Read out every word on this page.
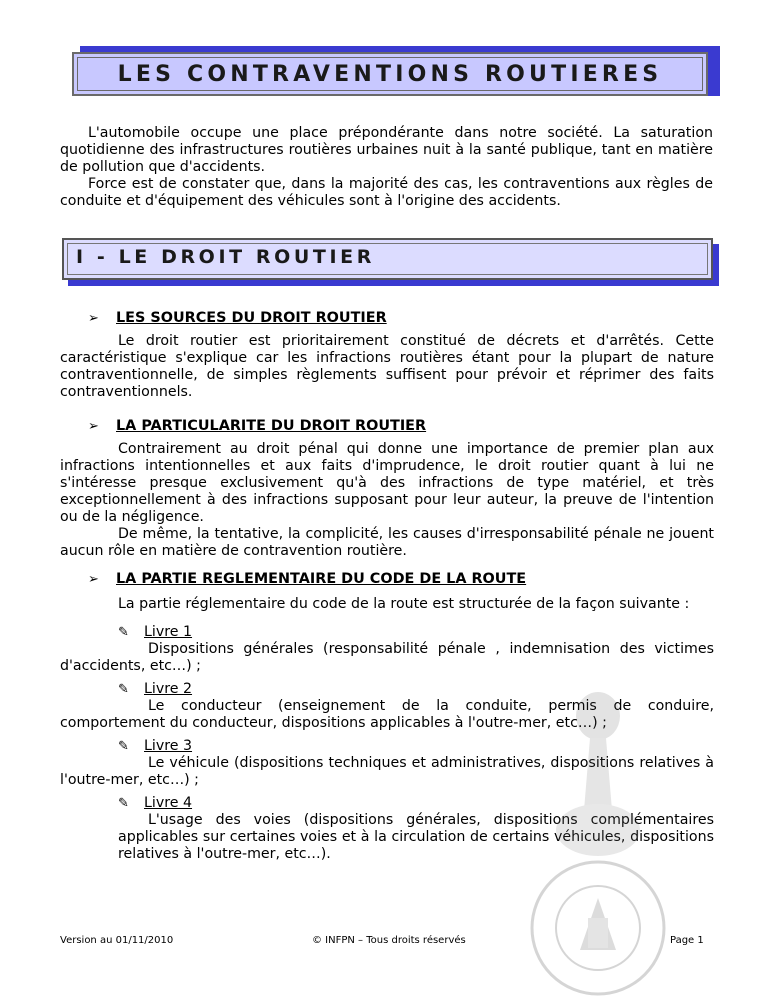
LES CONTRAVENTIONS ROUTIERES

L'automobile occupe une place prépondérante dans notre société. La saturation quotidienne des infrastructures routières urbaines nuit à la santé publique, tant en matière de pollution que d'accidents.

Force est de constater que, dans la majorité des cas, les contraventions aux règles de conduite et d'équipement des véhicules sont à l'origine des accidents.

I - LE DROIT ROUTIER
➢	LES SOURCES DU DROIT ROUTIER

Le droit routier est prioritairement constitué de décrets et d'arrêtés. Cette caractéristique s'explique car les infractions routières étant pour la plupart de nature contraventionnelle, de simples règlements suffisent pour prévoir et réprimer des faits contraventionnels.

➢	LA PARTICULARITE DU DROIT ROUTIER

Contrairement au droit pénal qui donne une importance de premier plan aux infractions intentionnelles et aux faits d'imprudence, le droit routier quant à lui ne s'intéresse presque exclusivement qu'à des infractions de type matériel, et très exceptionnellement à des infractions supposant pour leur auteur, la preuve de l'intention ou de la négligence.

De même, la tentative, la complicité, les causes d'irresponsabilité pénale ne jouent aucun rôle en matière de contravention routière.

➢	LA PARTIE REGLEMENTAIRE DU CODE DE LA ROUTE
La partie réglementaire du code de la route est structurée de la façon suivante :
✎ Livre 1
Dispositions générales (responsabilité pénale , indemnisation des victimes d'accidents, etc…) ;
✎ Livre 2
Le conducteur (enseignement de la conduite, permis de conduire, comportement du conducteur, dispositions applicables à l'outre-mer, etc…) ;
✎ Livre 3
Le véhicule (dispositions techniques et administratives, dispositions relatives à l'outre-mer, etc…) ;
✎ Livre 4
L'usage des voies (dispositions générales, dispositions complémentaires applicables sur certaines voies et à la circulation de certains véhicules, dispositions relatives à l'outre-mer, etc…).
Version au 01/11/2010	© INFPN – Tous droits réservés	Page 1
